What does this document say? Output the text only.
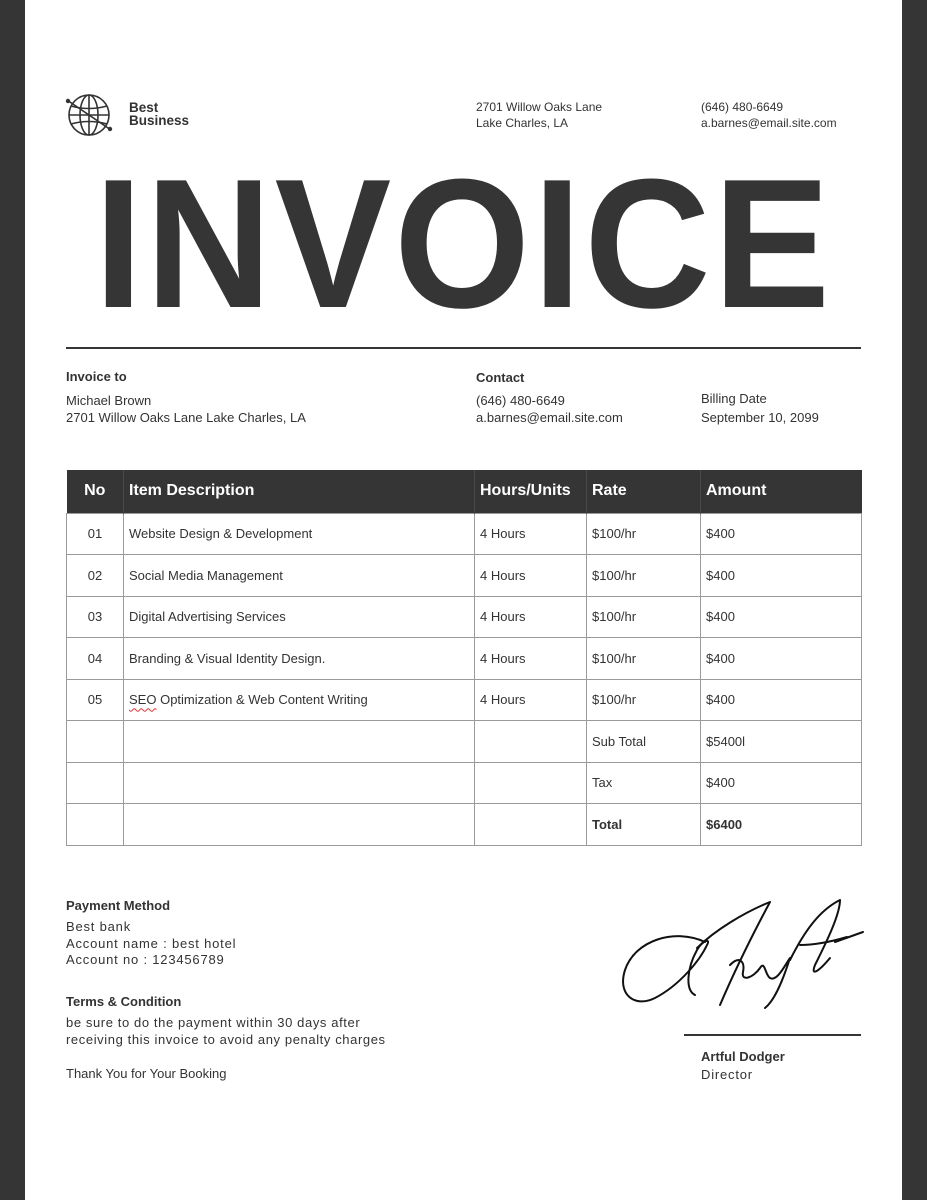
Best
Business
2701 Willow Oaks Lane
Lake Charles, LA
(646) 480-6649
a.barnes@email.site.com
INVOICE
Invoice to
Michael Brown
2701 Willow Oaks Lane Lake Charles, LA
Contact
(646) 480-6649
a.barnes@email.site.com
Billing Date
September 10, 2099
No	Item Description	Hours/Units	Rate	Amount
01	Website Design & Development	4 Hours	$100/hr	$400
02	Social Media Management	4 Hours	$100/hr	$400
03	Digital Advertising Services	4 Hours	$100/hr	$400
04	Branding & Visual Identity Design.	4 Hours	$100/hr	$400
05	SEO Optimization & Web Content Writing	4 Hours	$100/hr	$400
			Sub Total	$5400l
			Tax	$400
			Total	$6400
Payment Method
Best bank
Account name : best hotel
Account no : 123456789
Terms & Condition
be sure to do the payment within 30 days after receiving this invoice to avoid any penalty charges
Thank You for Your Booking
Artful Dodger
Director
